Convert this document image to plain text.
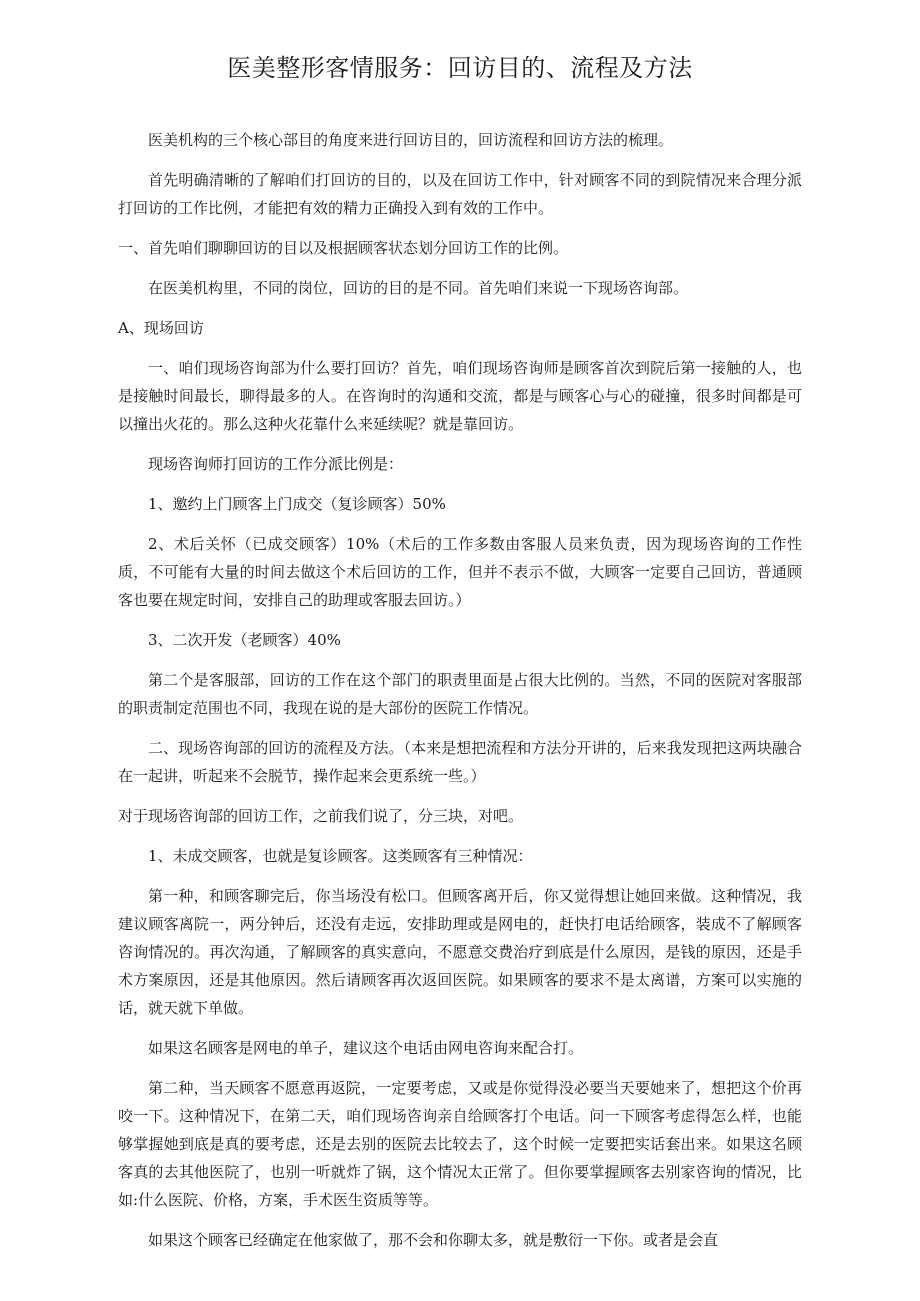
医美整形客情服务：回访目的、流程及方法

医美机构的三个核心部目的角度来进行回访目的，回访流程和回访方法的梳理。

首先明确清晰的了解咱们打回访的目的，以及在回访工作中，针对顾客不同的到院情况来合理分派打回访的工作比例，才能把有效的精力正确投入到有效的工作中。

一、首先咱们聊聊回访的目以及根据顾客状态划分回访工作的比例。

在医美机构里，不同的岗位，回访的目的是不同。首先咱们来说一下现场咨询部。

A、现场回访

一、咱们现场咨询部为什么要打回访？首先，咱们现场咨询师是顾客首次到院后第一接触的人，也是接触时间最长，聊得最多的人。在咨询时的沟通和交流，都是与顾客心与心的碰撞，很多时间都是可以撞出火花的。那么这种火花靠什么来延续呢？就是靠回访。

现场咨询师打回访的工作分派比例是：

1、邀约上门顾客上门成交（复诊顾客）50%

2、术后关怀（已成交顾客）10%（术后的工作多数由客服人员来负责，因为现场咨询的工作性质，不可能有大量的时间去做这个术后回访的工作，但并不表示不做，大顾客一定要自己回访，普通顾客也要在规定时间，安排自己的助理或客服去回访。）

3、二次开发（老顾客）40%

第二个是客服部，回访的工作在这个部门的职责里面是占很大比例的。当然，不同的医院对客服部的职责制定范围也不同，我现在说的是大部份的医院工作情况。

二、现场咨询部的回访的流程及方法。（本来是想把流程和方法分开讲的，后来我发现把这两块融合在一起讲，听起来不会脱节，操作起来会更系统一些。）

对于现场咨询部的回访工作，之前我们说了，分三块，对吧。

1、未成交顾客，也就是复诊顾客。这类顾客有三种情况：

第一种，和顾客聊完后，你当场没有松口。但顾客离开后，你又觉得想让她回来做。这种情况，我建议顾客离院一，两分钟后，还没有走远，安排助理或是网电的，赶快打电话给顾客，装成不了解顾客咨询情况的。再次沟通，了解顾客的真实意向，不愿意交费治疗到底是什么原因，是钱的原因，还是手术方案原因，还是其他原因。然后请顾客再次返回医院。如果顾客的要求不是太离谱，方案可以实施的话，就天就下单做。

如果这名顾客是网电的单子，建议这个电话由网电咨询来配合打。

第二种，当天顾客不愿意再返院，一定要考虑，又或是你觉得没必要当天要她来了，想把这个价再咬一下。这种情况下，在第二天，咱们现场咨询亲自给顾客打个电话。问一下顾客考虑得怎么样，也能够掌握她到底是真的要考虑，还是去别的医院去比较去了，这个时候一定要把实话套出来。如果这名顾客真的去其他医院了，也别一听就炸了锅，这个情况太正常了。但你要掌握顾客去别家咨询的情况，比如:什么医院、价格，方案，手术医生资质等等。

如果这个顾客已经确定在他家做了，那不会和你聊太多，就是敷衍一下你。或者是会直
